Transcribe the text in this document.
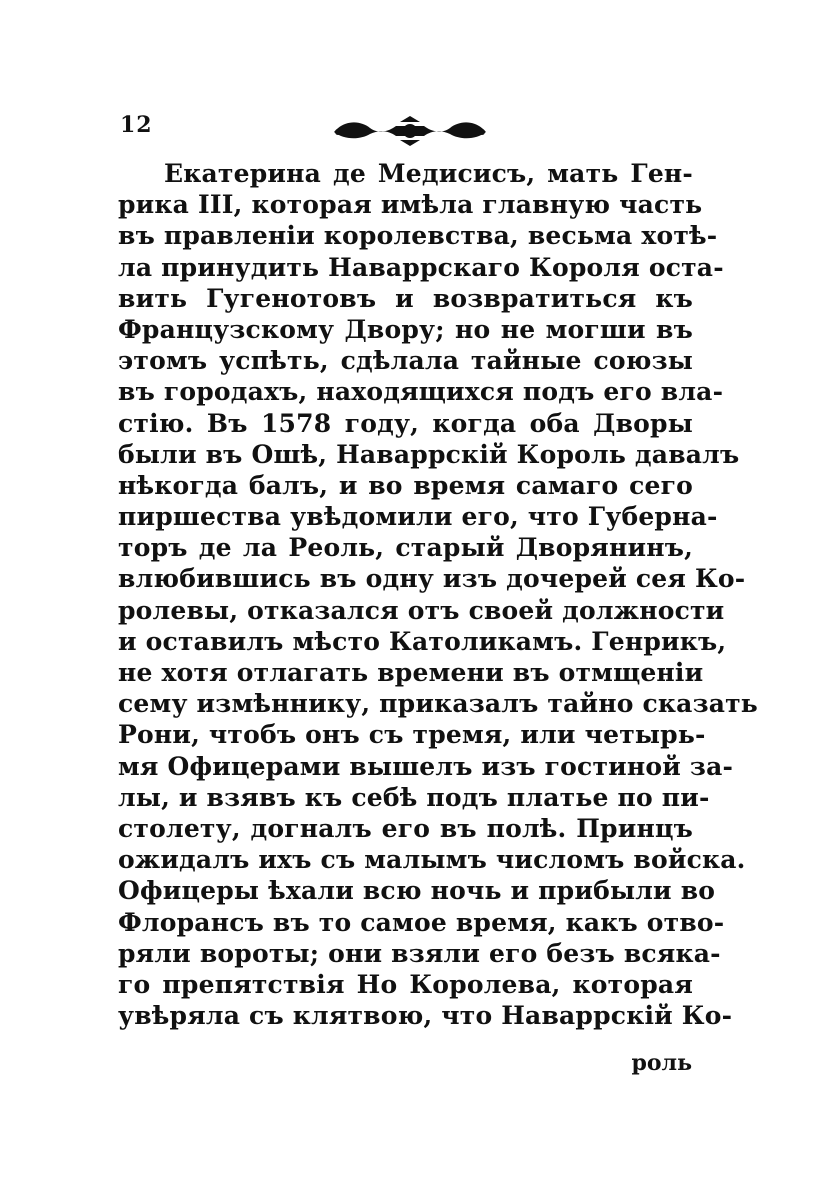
12
Екатерина де Медисисъ, мать Ген-
рика III, которая имѣла главную часть
въ правленіи королевства, весьма хотѣ-
ла принудить Наваррскаго Короля оста-
вить Гугенотовъ и возвратиться къ
Французскому Двору; но не могши въ
этомъ успѣть, сдѣлала тайные союзы
въ городахъ, находящихся подъ его вла-
стію. Въ 1578 году, когда оба Дворы
были въ Ошѣ, Наваррскій Король давалъ
нѣкогда балъ, и во время самаго сего
пиршества увѣдомили его, что Губерна-
торъ де ла Реоль, старый Дворянинъ,
влюбившись въ одну изъ дочерей сея Ко-
ролевы, отказался отъ своей должности
и оставилъ мѣсто Католикамъ. Генрикъ,
не хотя отлагать времени въ отмщеніи
сему измѣннику, приказалъ тайно сказать
Рони, чтобъ онъ съ тремя, или четырь-
мя Офицерами вышелъ изъ гостиной за-
лы, и взявъ къ себѣ подъ платье по пи-
столету, догналъ его въ полѣ. Принцъ
ожидалъ ихъ съ малымъ числомъ войска.
Офицеры ѣхали всю ночь и прибыли во
Флорансъ въ то самое время, какъ отво-
ряли вороты; они взяли его безъ всяка-
го препятствія Но Королева, которая
увѣряла съ клятвою, что Наваррскій Ко-
роль
